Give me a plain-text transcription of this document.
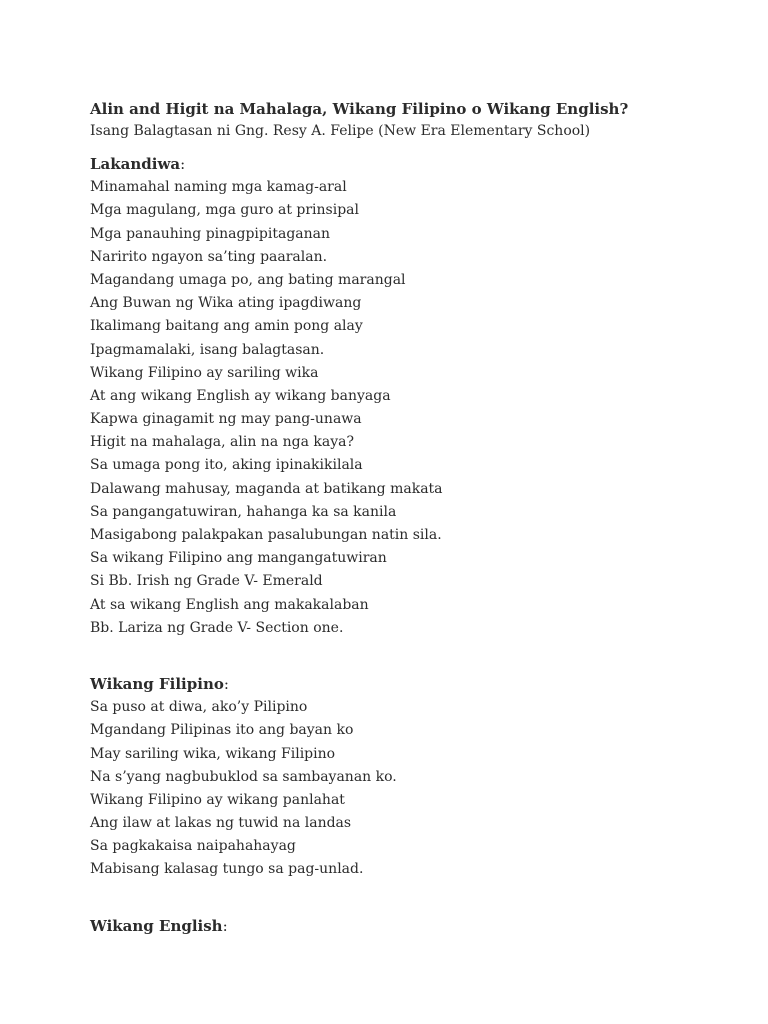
Alin and Higit na Mahalaga, Wikang Filipino o Wikang English?

Isang Balagtasan ni Gng. Resy A. Felipe (New Era Elementary School)

Lakandiwa:

Minamahal naming mga kamag-aral

Mga magulang, mga guro at prinsipal

Mga panauhing pinagpipitaganan

Naririto ngayon sa’ting paaralan.

Magandang umaga po, ang bating marangal

Ang Buwan ng Wika ating ipagdiwang

Ikalimang baitang ang amin pong alay

Ipagmamalaki, isang balagtasan.

Wikang Filipino ay sariling wika

At ang wikang English ay wikang banyaga

Kapwa ginagamit ng may pang-unawa

Higit na mahalaga, alin na nga kaya?

Sa umaga pong ito, aking ipinakikilala

Dalawang mahusay, maganda at batikang makata

Sa pangangatuwiran, hahanga ka sa kanila

Masigabong palakpakan pasalubungan natin sila.

Sa wikang Filipino ang mangangatuwiran

Si Bb. Irish ng Grade V- Emerald

At sa wikang English ang makakalaban

Bb. Lariza ng Grade V- Section one.

Wikang Filipino:

Sa puso at diwa, ako’y Pilipino

Mgandang Pilipinas ito ang bayan ko

May sariling wika, wikang Filipino

Na s’yang nagbubuklod sa sambayanan ko.

Wikang Filipino ay wikang panlahat

Ang ilaw at lakas ng tuwid na landas

Sa pagkakaisa naipahahayag

Mabisang kalasag tungo sa pag-unlad.

Wikang English:
